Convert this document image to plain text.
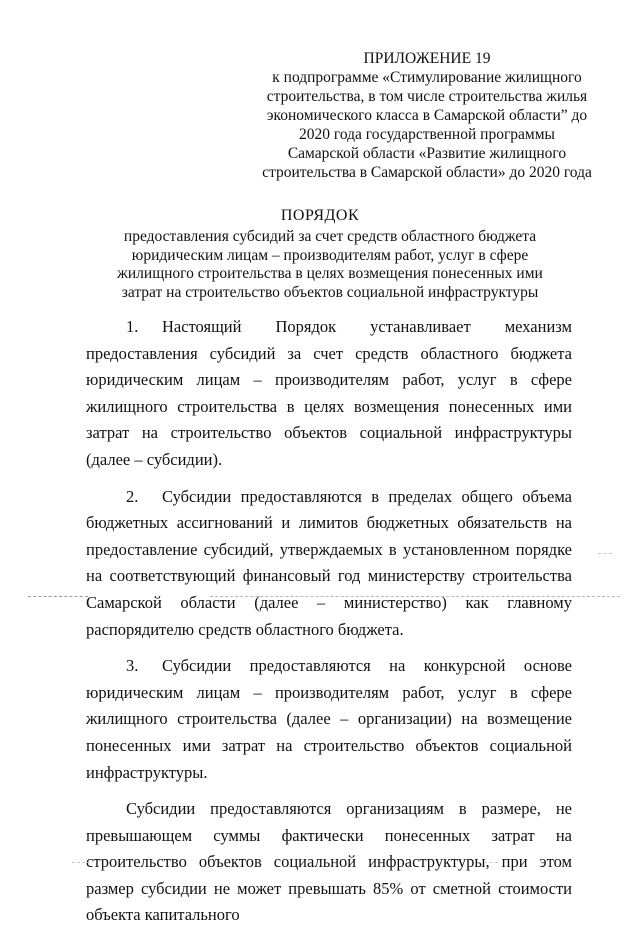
ПРИЛОЖЕНИЕ 19
к подпрограмме «Стимулирование жилищного строительства, в том числе строительства жилья экономического класса в Самарской области” до 2020 года государственной программы Самарской области «Развитие жилищного строительства в Самарской области» до 2020 года
ПОРЯДОК
предоставления субсидий за счет средств областного бюджета юридическим лицам – производителям работ, услуг в сфере жилищного строительства в целях возмещения понесенных ими затрат на строительство объектов социальной инфраструктуры

1. Настоящий Порядок устанавливает механизм предоставления субсидий за счет средств областного бюджета юридическим лицам – производителям работ, услуг в сфере жилищного строительства в целях возмещения понесенных ими затрат на строительство объектов социальной инфраструктуры (далее – субсидии).

2. Субсидии предоставляются в пределах общего объема бюджетных ассигнований и лимитов бюджетных обязательств на предоставление субсидий, утверждаемых в установленном порядке на соответствующий финансовый год министерству строительства Самарской области (далее – министерство) как главному распорядителю средств областного бюджета.

3. Субсидии предоставляются на конкурсной основе юридическим лицам – производителям работ, услуг в сфере жилищного строительства (далее – организации) на возмещение понесенных ими затрат на строительство объектов социальной инфраструктуры.

Субсидии предоставляются организациям в размере, не превышающем суммы фактически понесенных затрат на строительство объектов социальной инфраструктуры, при этом размер субсидии не может превышать 85% от сметной стоимости объекта капитального
